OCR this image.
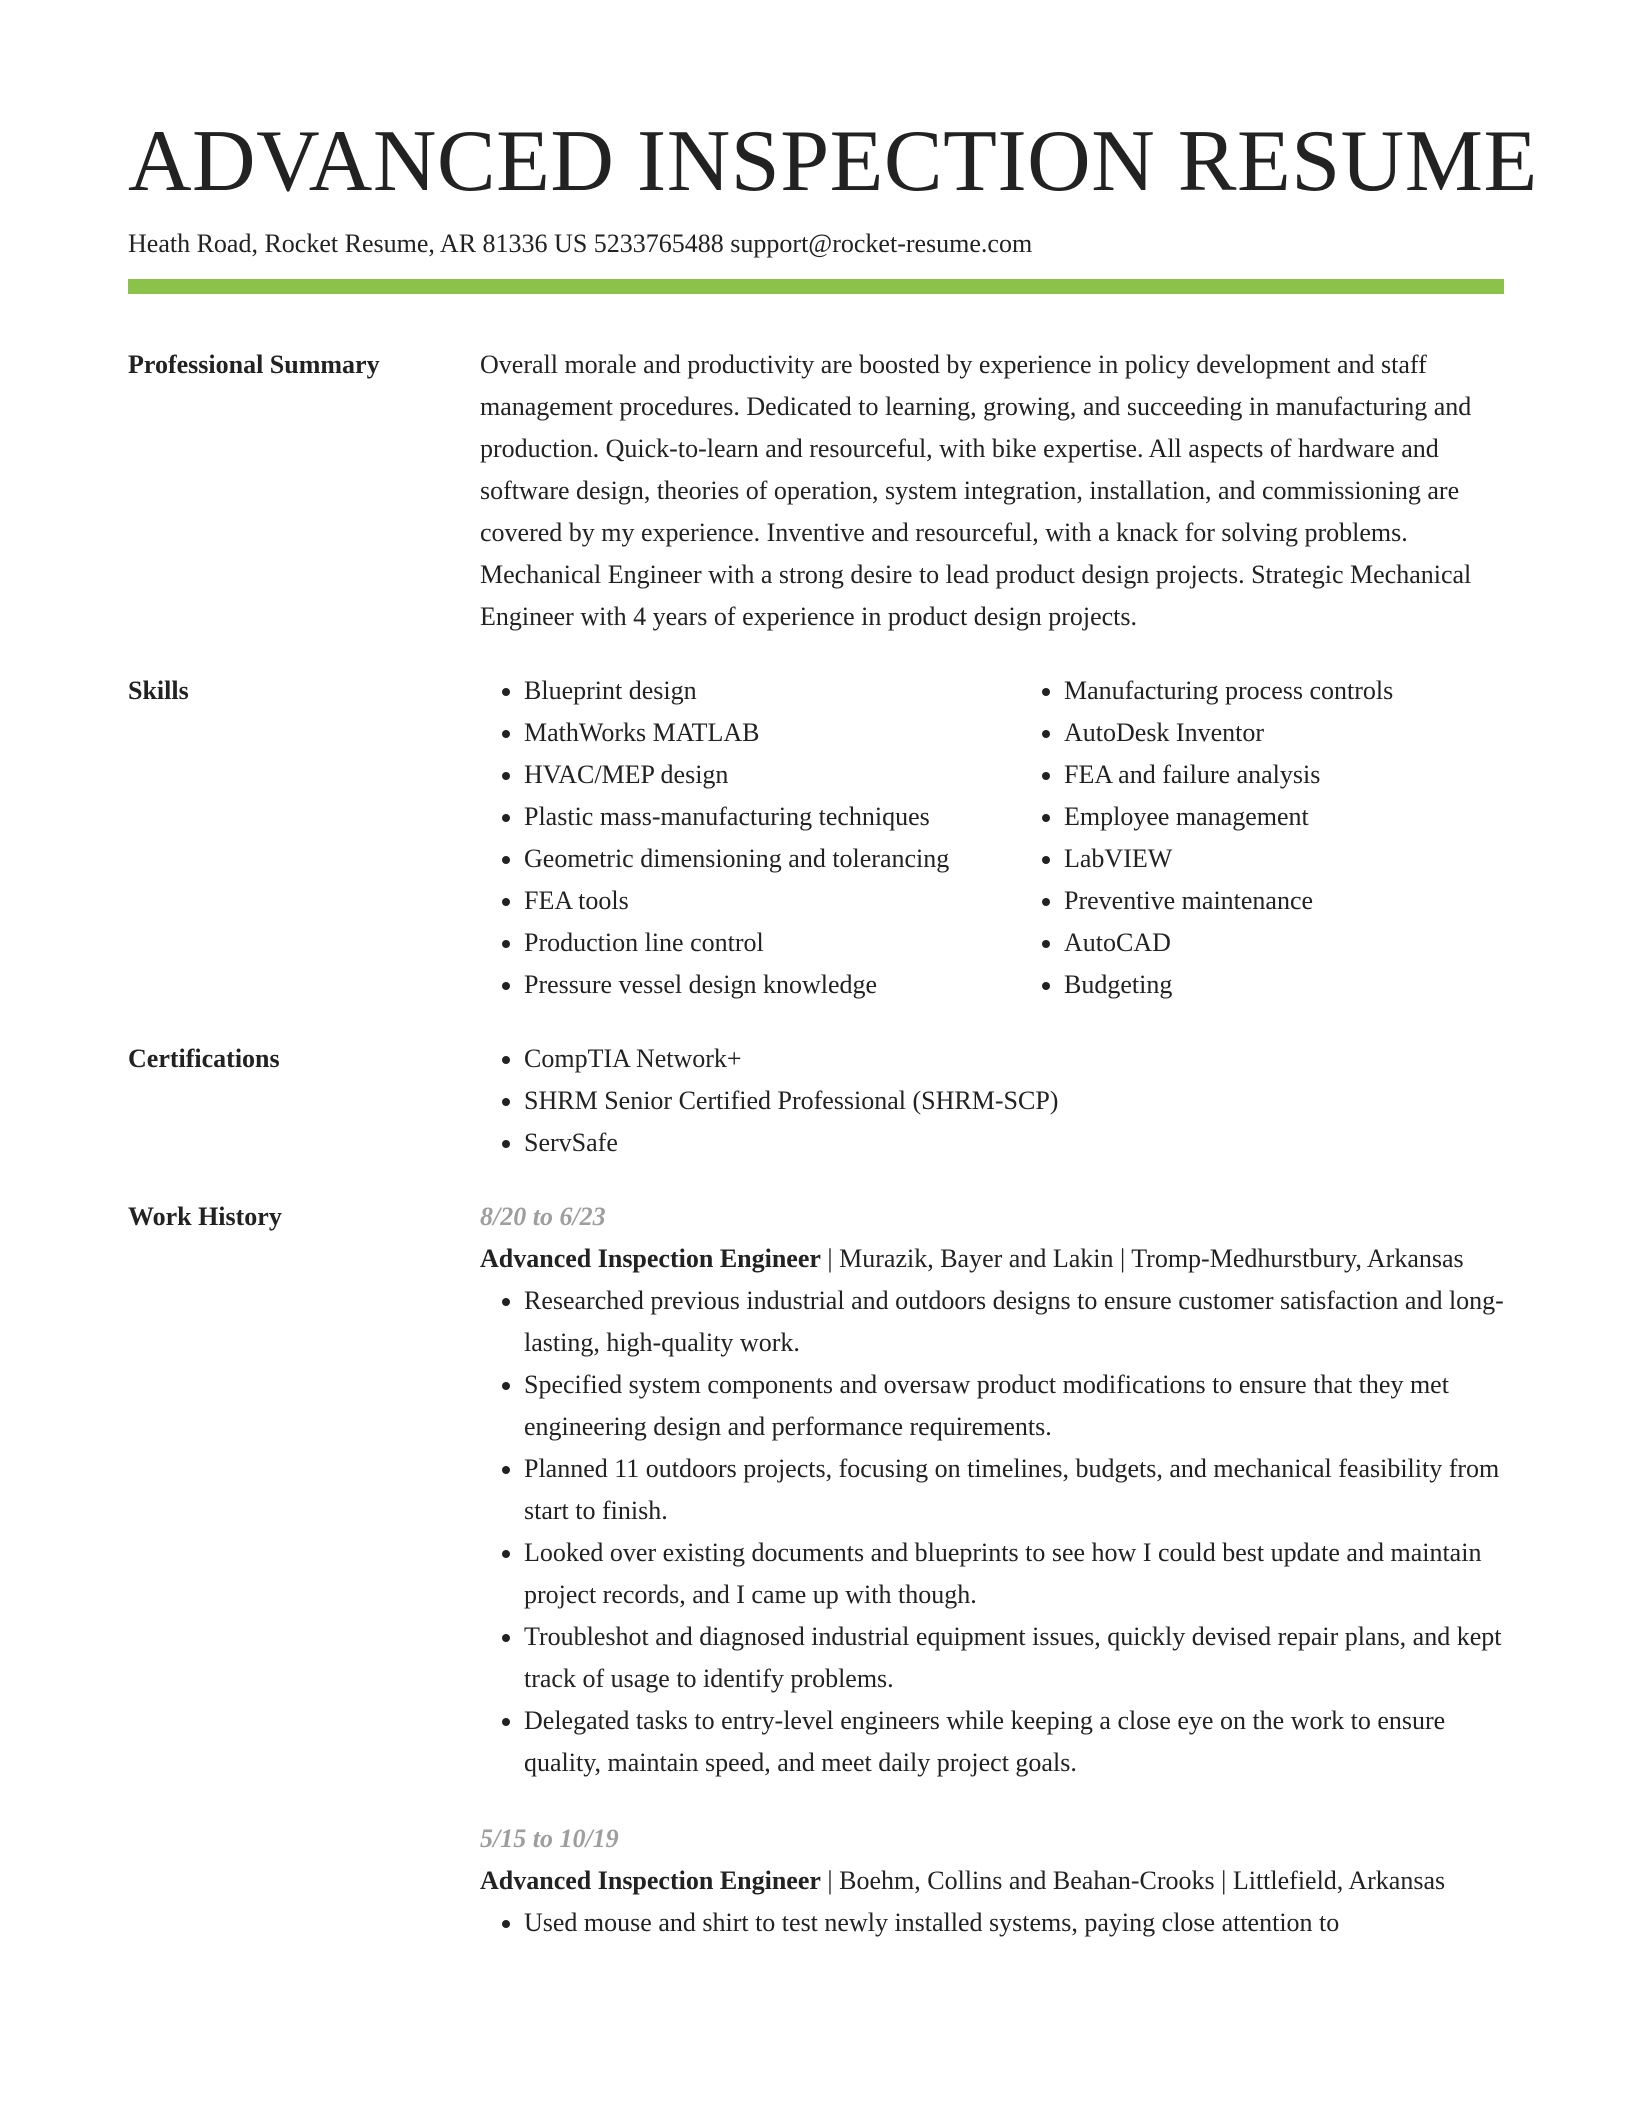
ADVANCED INSPECTION RESUME
Heath Road, Rocket Resume, AR 81336 US 5233765488 support@rocket-resume.com
Professional Summary	Overall morale and productivity are boosted by experience in policy development and staff management procedures. Dedicated to learning, growing, and succeeding in manufacturing and production. Quick-to-learn and resourceful, with bike expertise. All aspects of hardware and software design, theories of operation, system integration, installation, and commissioning are covered by my experience. Inventive and resourceful, with a knack for solving problems. Mechanical Engineer with a strong desire to lead product design projects. Strategic Mechanical Engineer with 4 years of experience in product design projects.
Skills	• Blueprint design
• MathWorks MATLAB
• HVAC/MEP design
• Plastic mass-manufacturing techniques
• Geometric dimensioning and tolerancing
• FEA tools
• Production line control
• Pressure vessel design knowledge
• Manufacturing process controls
• AutoDesk Inventor
• FEA and failure analysis
• Employee management
• LabVIEW
• Preventive maintenance
• AutoCAD
• Budgeting
Certifications	• CompTIA Network+
• SHRM Senior Certified Professional (SHRM-SCP)
• ServSafe
Work History	8/20 to 6/23
Advanced Inspection Engineer | Murazik, Bayer and Lakin | Tromp-Medhurstbury, Arkansas
• Researched previous industrial and outdoors designs to ensure customer satisfaction and long-lasting, high-quality work.
• Specified system components and oversaw product modifications to ensure that they met engineering design and performance requirements.
• Planned 11 outdoors projects, focusing on timelines, budgets, and mechanical feasibility from start to finish.
• Looked over existing documents and blueprints to see how I could best update and maintain project records, and I came up with though.
• Troubleshot and diagnosed industrial equipment issues, quickly devised repair plans, and kept track of usage to identify problems.
• Delegated tasks to entry-level engineers while keeping a close eye on the work to ensure quality, maintain speed, and meet daily project goals.
5/15 to 10/19
Advanced Inspection Engineer | Boehm, Collins and Beahan-Crooks | Littlefield, Arkansas
• Used mouse and shirt to test newly installed systems, paying close attention to
